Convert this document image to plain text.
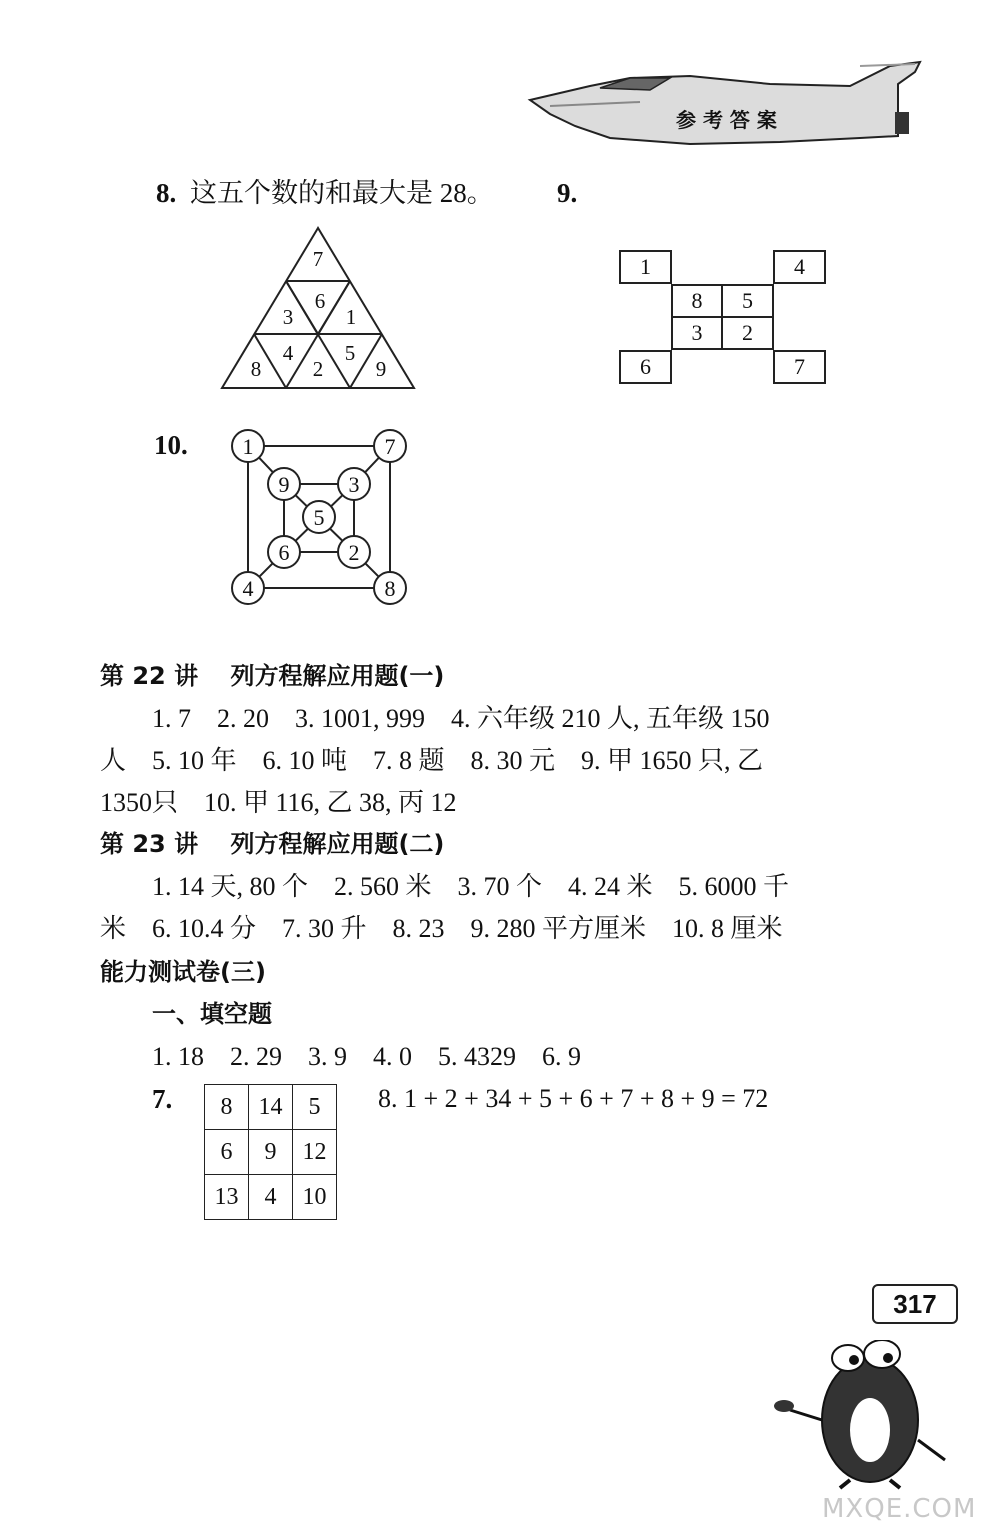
参 考 答 案
8. 这五个数的和最大是 28。 9.
7
3
6
1
8
4
2
5
9
1	4
8	5
3	2
6	7
10. 1	7
4	8
9	3
6	2
5
第 22 讲　 列方程解应用题(一)
1. 7　2. 20　3. 1001, 999　4. 六年级 210 人, 五年级 150
人　5. 10 年　6. 10 吨　7. 8 题　8. 30 元　9. 甲 1650 只, 乙
1350只　10. 甲 116, 乙 38, 丙 12
第 23 讲　 列方程解应用题(二)
1. 14 天, 80 个　2. 560 米　3. 70 个　4. 24 米　5. 6000 千
米　6. 10.4 分　7. 30 升　8. 23　9. 280 平方厘米　10. 8 厘米
能力测试卷(三)
一、填空题
1. 18　2. 29　3. 9　4. 0　5. 4329　6. 9
7. 8	14	5
6	9	12
13	4	10
8. 1 + 2 + 34 + 5 + 6 + 7 + 8 + 9 = 72
317
MXQE.COM
